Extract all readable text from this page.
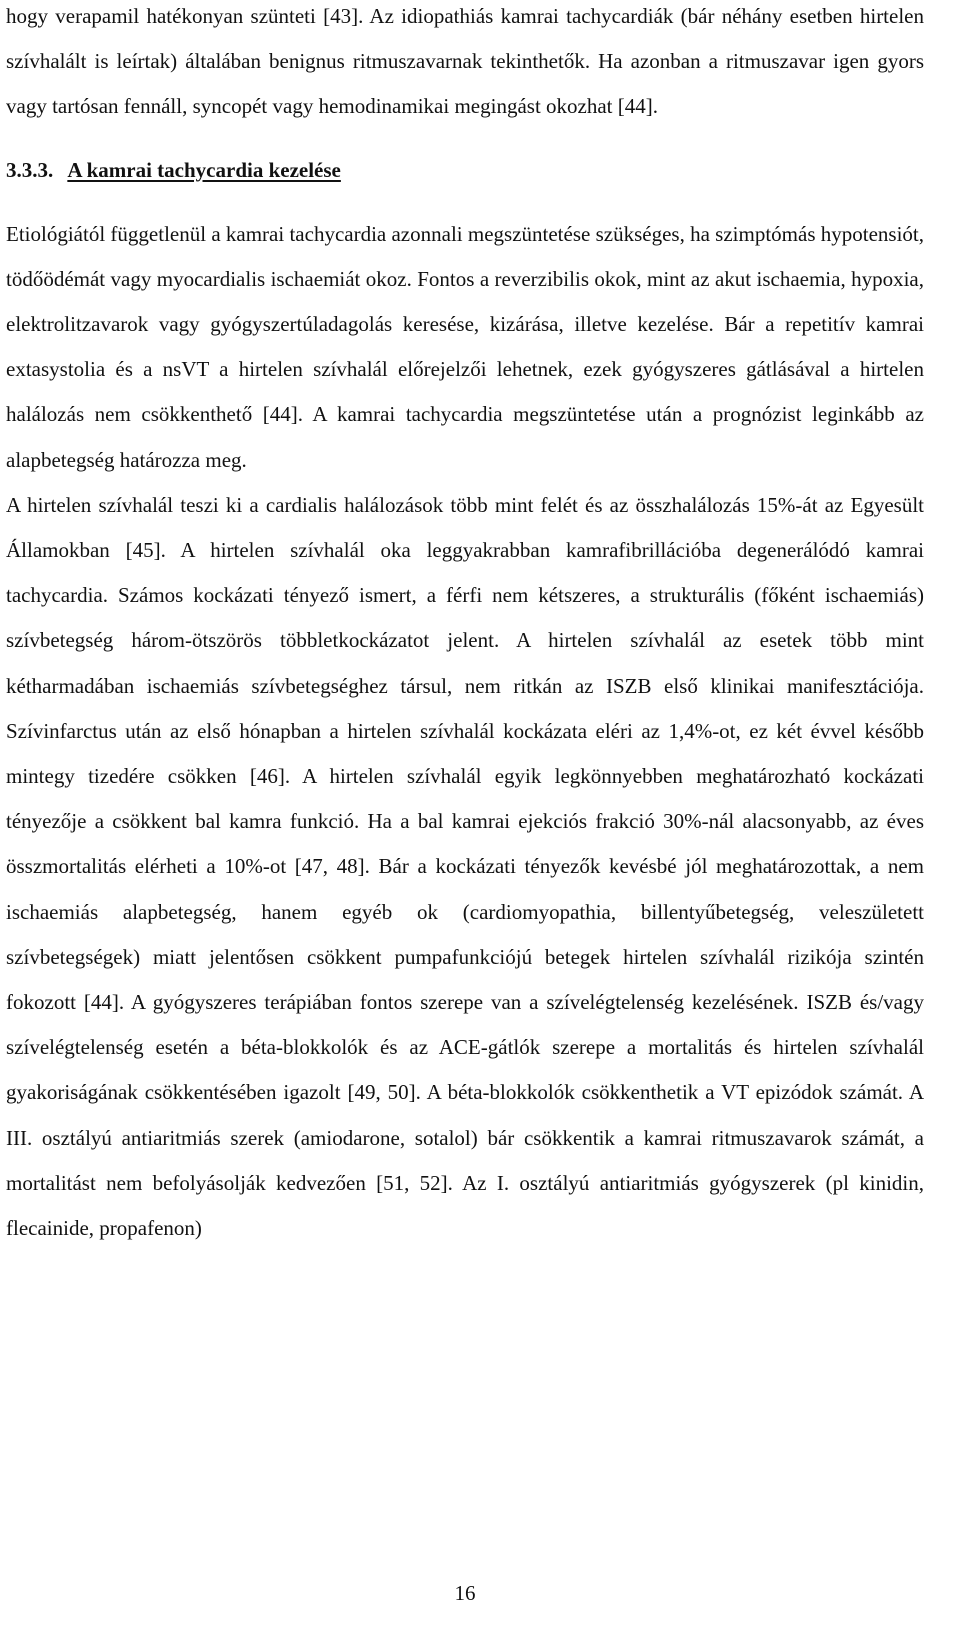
hogy verapamil hatékonyan szünteti [43]. Az idiopathiás kamrai tachycardiák (bár néhány esetben hirtelen szívhalált is leírtak) általában benignus ritmuszavarnak tekinthetők. Ha azonban a ritmuszavar igen gyors vagy tartósan fennáll, syncopét vagy hemodinamikai megingást okozhat [44].

3.3.3. A kamrai tachycardia kezelése

Etiológiától függetlenül a kamrai tachycardia azonnali megszüntetése szükséges, ha szimptómás hypotensiót, tödőödémát vagy myocardialis ischaemiát okoz. Fontos a reverzibilis okok, mint az akut ischaemia, hypoxia, elektrolitzavarok vagy gyógyszertúladagolás keresése, kizárása, illetve kezelése. Bár a repetitív kamrai extasystolia és a nsVT a hirtelen szívhalál előrejelzői lehetnek, ezek gyógyszeres gátlásával a hirtelen halálozás nem csökkenthető [44]. A kamrai tachycardia megszüntetése után a prognózist leginkább az alapbetegség határozza meg.

A hirtelen szívhalál teszi ki a cardialis halálozások több mint felét és az összhalálozás 15%-át az Egyesült Államokban [45]. A hirtelen szívhalál oka leggyakrabban kamrafibrillációba degenerálódó kamrai tachycardia. Számos kockázati tényező ismert, a férfi nem kétszeres, a strukturális (főként ischaemiás) szívbetegség három-ötszörös többletkockázatot jelent. A hirtelen szívhalál az esetek több mint kétharmadában ischaemiás szívbetegséghez társul, nem ritkán az ISZB első klinikai manifesztációja. Szívinfarctus után az első hónapban a hirtelen szívhalál kockázata eléri az 1,4%-ot, ez két évvel később mintegy tizedére csökken [46]. A hirtelen szívhalál egyik legkönnyebben meghatározható kockázati tényezője a csökkent bal kamra funkció. Ha a bal kamrai ejekciós frakció 30%-nál alacsonyabb, az éves összmortalitás elérheti a 10%-ot [47, 48]. Bár a kockázati tényezők kevésbé jól meghatározottak, a nem ischaemiás alapbetegség, hanem egyéb ok (cardiomyopathia, billentyűbetegség, veleszületett szívbetegségek) miatt jelentősen csökkent pumpafunkciójú betegek hirtelen szívhalál rizikója szintén fokozott [44]. A gyógyszeres terápiában fontos szerepe van a szívelégtelenség kezelésének. ISZB és/vagy szívelégtelenség esetén a béta-blokkolók és az ACE-gátlók szerepe a mortalitás és hirtelen szívhalál gyakoriságának csökkentésében igazolt [49, 50]. A béta-blokkolók csökkenthetik a VT epizódok számát. A III. osztályú antiaritmiás szerek (amiodarone, sotalol) bár csökkentik a kamrai ritmuszavarok számát, a mortalitást nem befolyásolják kedvezően [51, 52]. Az I. osztályú antiaritmiás gyógyszerek (pl kinidin, flecainide, propafenon)

16
